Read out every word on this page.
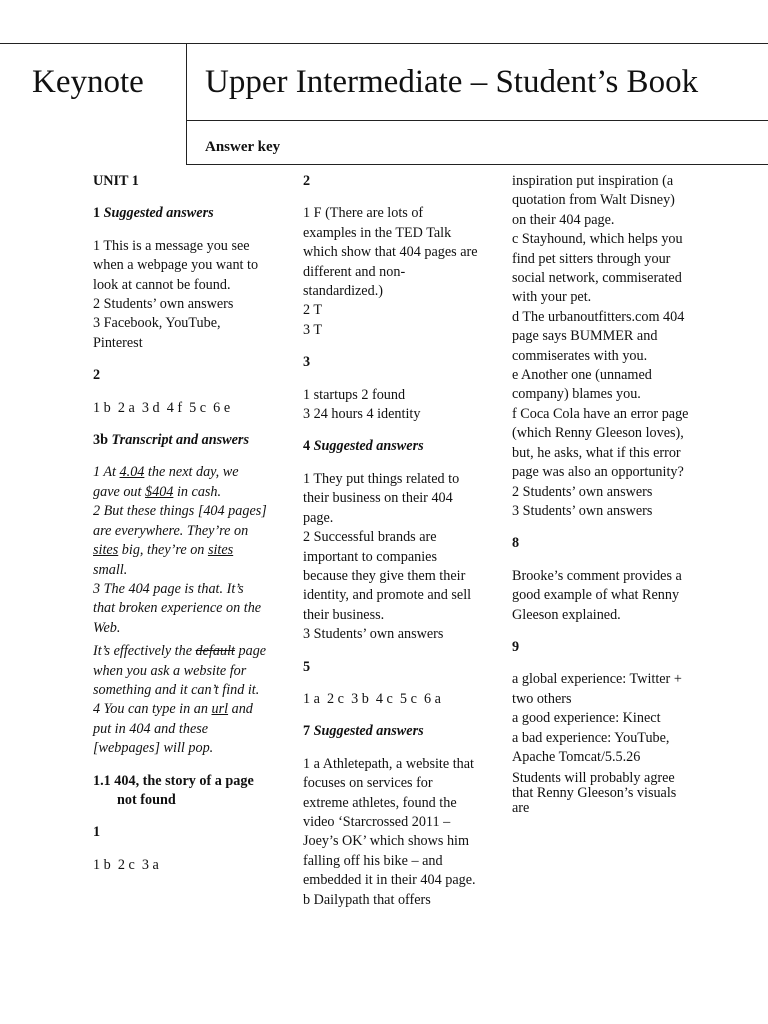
Keynote Upper Intermediate – Student’s Book
Answer key
UNIT 1
1 Suggested answers

1 This is a message you see when a webpage you want to look at cannot be found.
2 Students’ own answers
3 Facebook, YouTube, Pinterest

2

1 b  2 a  3 d  4 f  5 c  6 e

3b Transcript and answers

1 At 4.04 the next day, we gave out $404 in cash.
2 But these things [404 pages] are everywhere. They’re on sites big, they’re on sites small.
3 The 404 page is that. It’s that broken experience on the Web.

It’s effectively the default page when you ask a website for something and it can’t find it.
4 You can type in an url and put in 404 and these [webpages] will pop.

1.1 404, the story of a page not found
1

1 b  2 c  3 a

2

1 F (There are lots of examples in the TED Talk which show that 404 pages are different and non-standardized.)
2 T
3 T

3

1 startups 2 found
3 24 hours 4 identity

4 Suggested answers

1 They put things related to their business on their 404 page.
2 Successful brands are important to companies because they give them their identity, and promote and sell their business.
3 Students’ own answers

5

1 a  2 c  3 b  4 c  5 c  6 a

7 Suggested answers

1 a Athletepath, a website that focuses on services for extreme athletes, found the video ‘Starcrossed 2011 – Joey’s OK’ which shows him falling off his bike – and embedded it in their 404 page.
b Dailypath that offers

inspiration put inspiration (a quotation from Walt Disney) on their 404 page.
c Stayhound, which helps you find pet sitters through your social network, commiserated with your pet.
d The urbanoutfitters.com 404 page says BUMMER and commiserates with you.
e Another one (unnamed company) blames you.
f Coca Cola have an error page (which Renny Gleeson loves), but, he asks, what if this error page was also an opportunity?
2 Students’ own answers
3 Students’ own answers

8

Brooke’s comment provides a good example of what Renny Gleeson explained.

9

a global experience: Twitter + two others
a good experience: Kinect
a bad experience: YouTube, Apache Tomcat/5.5.26

Students will probably agree that Renny Gleeson’s visuals are
